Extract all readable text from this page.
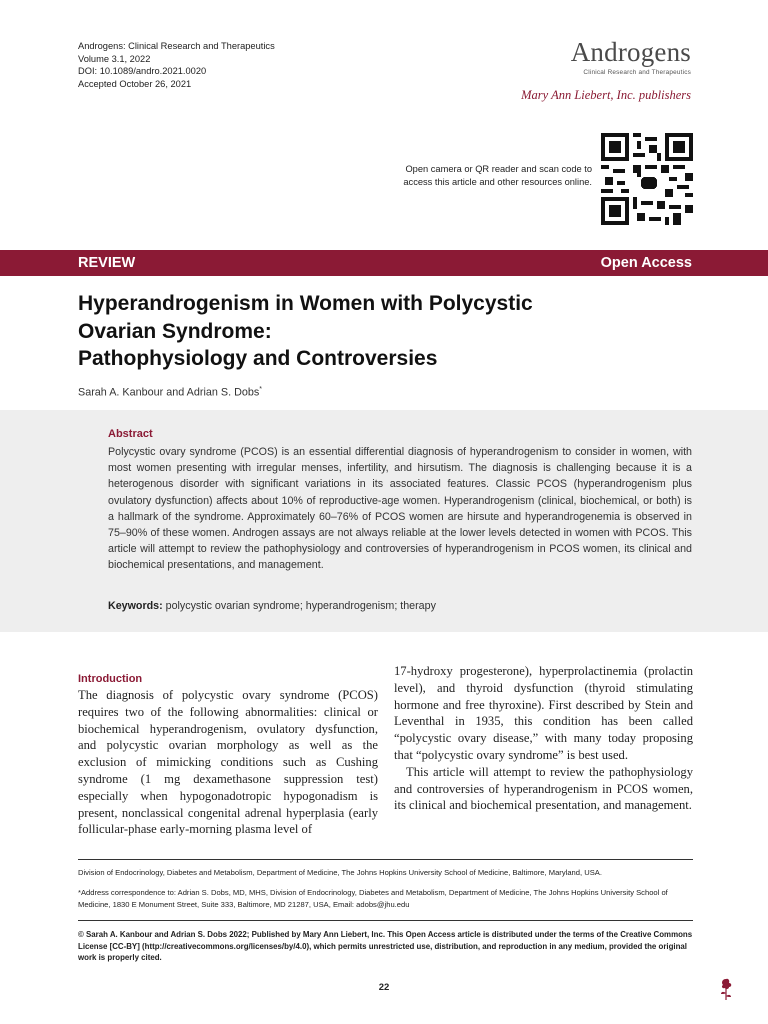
Androgens: Clinical Research and Therapeutics
Volume 3.1, 2022
DOI: 10.1089/andro.2021.0020
Accepted October 26, 2021
Androgens
Clinical Research and Therapeutics
Mary Ann Liebert, Inc. publishers
Open camera or QR reader and scan code to access this article and other resources online.
REVIEW	Open Access
Hyperandrogenism in Women with Polycystic
Ovarian Syndrome:
Pathophysiology and Controversies
Sarah A. Kanbour and Adrian S. Dobs*
Abstract
Polycystic ovary syndrome (PCOS) is an essential differential diagnosis of hyperandrogenism to consider in women, with most women presenting with irregular menses, infertility, and hirsutism. The diagnosis is challenging because it is a heterogenous disorder with significant variations in its associated features. Classic PCOS (hyperandrogenism plus ovulatory dysfunction) affects about 10% of reproductive-age women. Hyperandrogenism (clinical, biochemical, or both) is a hallmark of the syndrome. Approximately 60–76% of PCOS women are hirsute and hyperandrogenemia is observed in 75–90% of these women. Androgen assays are not always reliable at the lower levels detected in women with PCOS. This article will attempt to review the pathophysiology and controversies of hyperandrogenism in PCOS women, its clinical and biochemical presentations, and management.
Keywords: polycystic ovarian syndrome; hyperandrogenism; therapy
Introduction

The diagnosis of polycystic ovary syndrome (PCOS) requires two of the following abnormalities: clinical or biochemical hyperandrogenism, ovulatory dysfunction, and polycystic ovarian morphology as well as the exclusion of mimicking conditions such as Cushing syndrome (1 mg dexamethasone suppression test) especially when hypogonadotropic hypogonadism is present, nonclassical congenital adrenal hyperplasia (early follicular-phase early-morning plasma level of

17-hydroxy progesterone), hyperprolactinemia (prolactin level), and thyroid dysfunction (thyroid stimulating hormone and free thyroxine). First described by Stein and Leventhal in 1935, this condition has been called “polycystic ovary disease,” with many today proposing that “polycystic ovary syndrome” is best used.

This article will attempt to review the pathophysiology and controversies of hyperandrogenism in PCOS women, its clinical and biochemical presentation, and management.

Division of Endocrinology, Diabetes and Metabolism, Department of Medicine, The Johns Hopkins University School of Medicine, Baltimore, Maryland, USA.
*Address correspondence to: Adrian S. Dobs, MD, MHS, Division of Endocrinology, Diabetes and Metabolism, Department of Medicine, The Johns Hopkins University School of Medicine, 1830 E Monument Street, Suite 333, Baltimore, MD 21287, USA, Email: adobs@jhu.edu
© Sarah A. Kanbour and Adrian S. Dobs 2022; Published by Mary Ann Liebert, Inc. This Open Access article is distributed under the terms of the Creative Commons License [CC-BY] (http://creativecommons.org/licenses/by/4.0), which permits unrestricted use, distribution, and reproduction in any medium, provided the original work is properly cited.
22
